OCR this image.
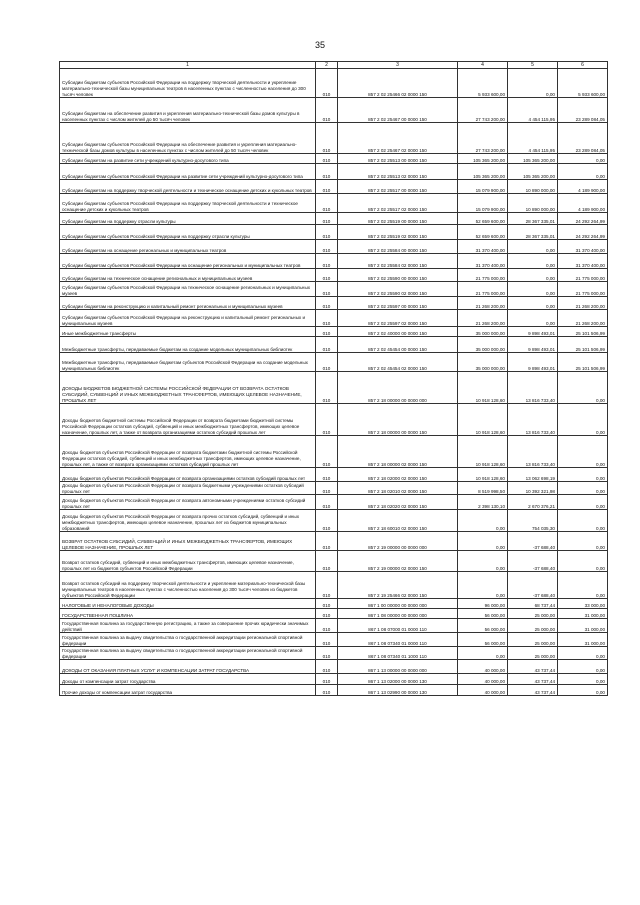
35
1	2	3	4	5	6
Субсидии бюджетам субъектов Российской Федерации на поддержку творческой деятельности и укрепление материально-технической базы муниципальных театров в населенных пунктах с численностью населения до 300 тысяч человек	010	857 2 02 25466 02 0000 150	5 933 600,00	0,00	5 933 600,00
Субсидии бюджетам на обеспечение развития и укрепления материально-технической базы домов культуры в населенных пунктах с числом жителей до 50 тысяч человек	010	857 2 02 25467 00 0000 150	27 743 200,00	4 454 115,95	23 289 084,05
Субсидии бюджетам субъектов Российской Федерации на обеспечение развития и укрепления материально-технической базы домов культуры в населенных пунктах с числом жителей до 50 тысяч человек	010	857 2 02 25467 02 0000 150	27 743 200,00	4 454 115,95	23 289 084,05
Субсидии бюджетам на развитие сети учреждений культурно-досугового типа	010	857 2 02 25513 00 0000 150	105 365 200,00	105 365 200,00	0,00
Субсидии бюджетам субъектов Российской Федерации на развитие сети учреждений культурно-досугового типа	010	857 2 02 25513 02 0000 150	105 365 200,00	105 365 200,00	0,00
Субсидии бюджетам на поддержку творческой деятельности и техническое оснащение детских и кукольных театров	010	857 2 02 25517 00 0000 150	15 079 900,00	10 890 000,00	4 189 900,00
Субсидии бюджетам субъектов Российской Федерации на поддержку творческой деятельности и техническое оснащение детских и кукольных театров	010	857 2 02 25517 02 0000 150	15 079 900,00	10 890 000,00	4 189 900,00
Субсидии бюджетам на поддержку отрасли культуры	010	857 2 02 25519 00 0000 150	52 659 600,00	28 367 335,01	24 292 264,99
Субсидии бюджетам субъектов Российской Федерации на поддержку отрасли культуры	010	857 2 02 25519 02 0000 150	52 659 600,00	28 367 335,01	24 292 264,99
Субсидии бюджетам на оснащение региональных и муниципальных театров	010	857 2 02 25584 00 0000 150	31 370 400,00	0,00	31 370 400,00
Субсидии бюджетам субъектов Российской Федерации на оснащение региональных и муниципальных театров	010	857 2 02 25584 02 0000 150	31 370 400,00	0,00	31 370 400,00
Субсидии бюджетам на техническое оснащение региональных и муниципальных музеев	010	857 2 02 25590 00 0000 150	21 775 000,00	0,00	21 775 000,00
Субсидии бюджетам субъектов Российской Федерации на техническое оснащение региональных и муниципальных музеев	010	857 2 02 25590 02 0000 150	21 775 000,00	0,00	21 775 000,00
Субсидии бюджетам на реконструкцию и капитальный ремонт региональных и муниципальных музеев	010	857 2 02 25597 00 0000 150	21 268 200,00	0,00	21 268 200,00
Субсидии бюджетам субъектов Российской Федерации на реконструкцию и капитальный ремонт региональных и муниципальных музеев	010	857 2 02 25597 02 0000 150	21 268 200,00	0,00	21 268 200,00
Иные межбюджетные трансферты	010	857 2 02 40000 00 0000 150	35 000 000,00	9 898 493,01	25 101 506,99
Межбюджетные трансферты, передаваемые бюджетам на создание модельных муниципальных библиотек	010	857 2 02 45454 00 0000 150	35 000 000,00	9 898 493,01	25 101 506,99
Межбюджетные трансферты, передаваемые бюджетам субъектов Российской Федерации на создание модельных муниципальных библиотек	010	857 2 02 45454 02 0000 150	35 000 000,00	9 898 493,01	25 101 506,99
ДОХОДЫ БЮДЖЕТОВ БЮДЖЕТНОЙ СИСТЕМЫ РОССИЙСКОЙ ФЕДЕРАЦИИ ОТ ВОЗВРАТА ОСТАТКОВ СУБСИДИЙ, СУБВЕНЦИЙ И ИНЫХ МЕЖБЮДЖЕТНЫХ ТРАНСФЕРТОВ, ИМЕЮЩИХ ЦЕЛЕВОЕ НАЗНАЧЕНИЕ, ПРОШЛЫХ ЛЕТ	010	857 2 18 00000 00 0000 000	10 918 128,60	13 816 733,40	0,00
Доходы бюджетов бюджетной системы Российской Федерации от возврата бюджетами бюджетной системы Российской Федерации остатков субсидий, субвенций и иных межбюджетных трансфертов, имеющих целевое назначение, прошлых лет, а также от возврата организациями остатков субсидий прошлых лет	010	857 2 18 00000 00 0000 150	10 918 128,60	13 816 733,40	0,00
Доходы бюджетов субъектов Российской Федерации от возврата бюджетами бюджетной системы Российской Федерации остатков субсидий, субвенций и иных межбюджетных трансфертов, имеющих целевое назначение, прошлых лет, а также от возврата организациями остатков субсидий прошлых лет	010	857 2 18 00000 02 0000 150	10 918 128,60	13 816 733,40	0,00
Доходы бюджетов субъектов Российской Федерации от возврата организациями остатков субсидий прошлых лет	010	857 2 18 02000 02 0000 150	10 918 128,60	13 062 698,19	0,00
Доходы бюджетов субъектов Российской Федерации от возврата бюджетными учреждениями остатков субсидий прошлых лет	010	857 2 18 02010 02 0000 150	8 519 998,50	10 392 321,98	0,00
Доходы бюджетов субъектов Российской Федерации от возврата автономными учреждениями остатков субсидий прошлых лет	010	857 2 18 02020 02 0000 150	2 398 130,10	2 670 376,21	0,00
Доходы бюджетов субъектов Российской Федерации от возврата прочих остатков субсидий, субвенций и иных межбюджетных трансфертов, имеющих целевое назначение, прошлых лет из бюджетов муниципальных образований	010	857 2 18 60010 02 0000 150	0,00	754 035,30	0,00
ВОЗВРАТ ОСТАТКОВ СУБСИДИЙ, СУБВЕНЦИЙ И ИНЫХ МЕЖБЮДЖЕТНЫХ ТРАНСФЕРТОВ, ИМЕЮЩИХ ЦЕЛЕВОЕ НАЗНАЧЕНИЕ, ПРОШЛЫХ ЛЕТ	010	857 2 19 00000 00 0000 000	0,00	-37 688,40	0,00
Возврат остатков субсидий, субвенций и иных межбюджетных трансфертов, имеющих целевое назначение, прошлых лет из бюджетов субъектов Российской Федерации	010	857 2 19 00000 02 0000 150	0,00	-37 688,40	0,00
Возврат остатков субсидий на поддержку творческой деятельности и укрепление материально-технической базы муниципальных театров в населенных пунктах с численностью населения до 300 тысяч человек из бюджетов субъектов Российской Федерации	010	857 2 19 25466 02 0000 150	0,00	-37 688,40	0,00
НАЛОГОВЫЕ И НЕНАЛОГОВЫЕ ДОХОДЫ	010	867 1 00 00000 00 0000 000	96 000,00	68 737,44	33 000,00
ГОСУДАРСТВЕННАЯ ПОШЛИНА	010	867 1 08 00000 00 0000 000	56 000,00	25 000,00	31 000,00
Государственная пошлина за государственную регистрацию, а также за совершение прочих юридически значимых действий	010	867 1 08 07000 01 0000 110	56 000,00	25 000,00	31 000,00
Государственная пошлина за выдачу свидетельства о государственной аккредитации региональной спортивной федерации	010	867 1 08 07340 01 0000 110	56 000,00	25 000,00	31 000,00
Государственная пошлина за выдачу свидетельства о государственной аккредитации региональной спортивной федерации	010	867 1 08 07340 01 1000 110	0,00	25 000,00	0,00
ДОХОДЫ ОТ ОКАЗАНИЯ ПЛАТНЫХ УСЛУГ И КОМПЕНСАЦИИ ЗАТРАТ ГОСУДАРСТВА	010	867 1 13 00000 00 0000 000	40 000,00	43 737,44	0,00
Доходы от компенсации затрат государства	010	867 1 13 02000 00 0000 130	40 000,00	43 737,44	0,00
Прочие доходы от компенсации затрат государства	010	867 1 13 02990 00 0000 130	40 000,00	43 737,44	0,00
